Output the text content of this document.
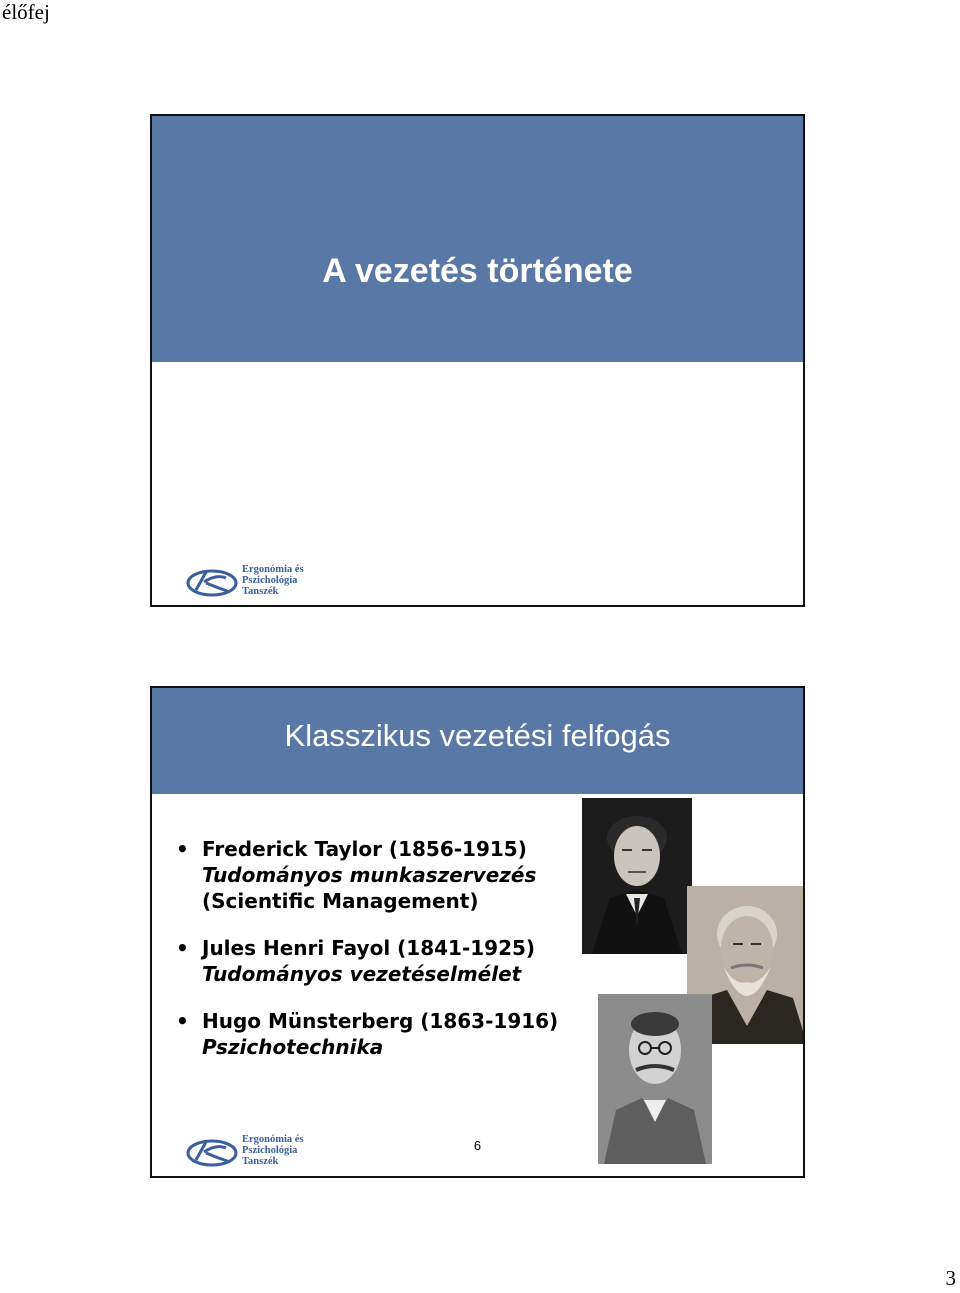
élőfej
A vezetés története
Ergonómia és
Pszichológia
Tanszék
Klasszikus vezetési felfogás
• Frederick Taylor (1856-1915)
Tudományos munkaszervezés
(Scientific Management)
• Jules Henri Fayol (1841-1925)
Tudományos vezetéselmélet
• Hugo Münsterberg (1863-1916)
Pszichotechnika
6
Ergonómia és
Pszichológia
Tanszék
3
